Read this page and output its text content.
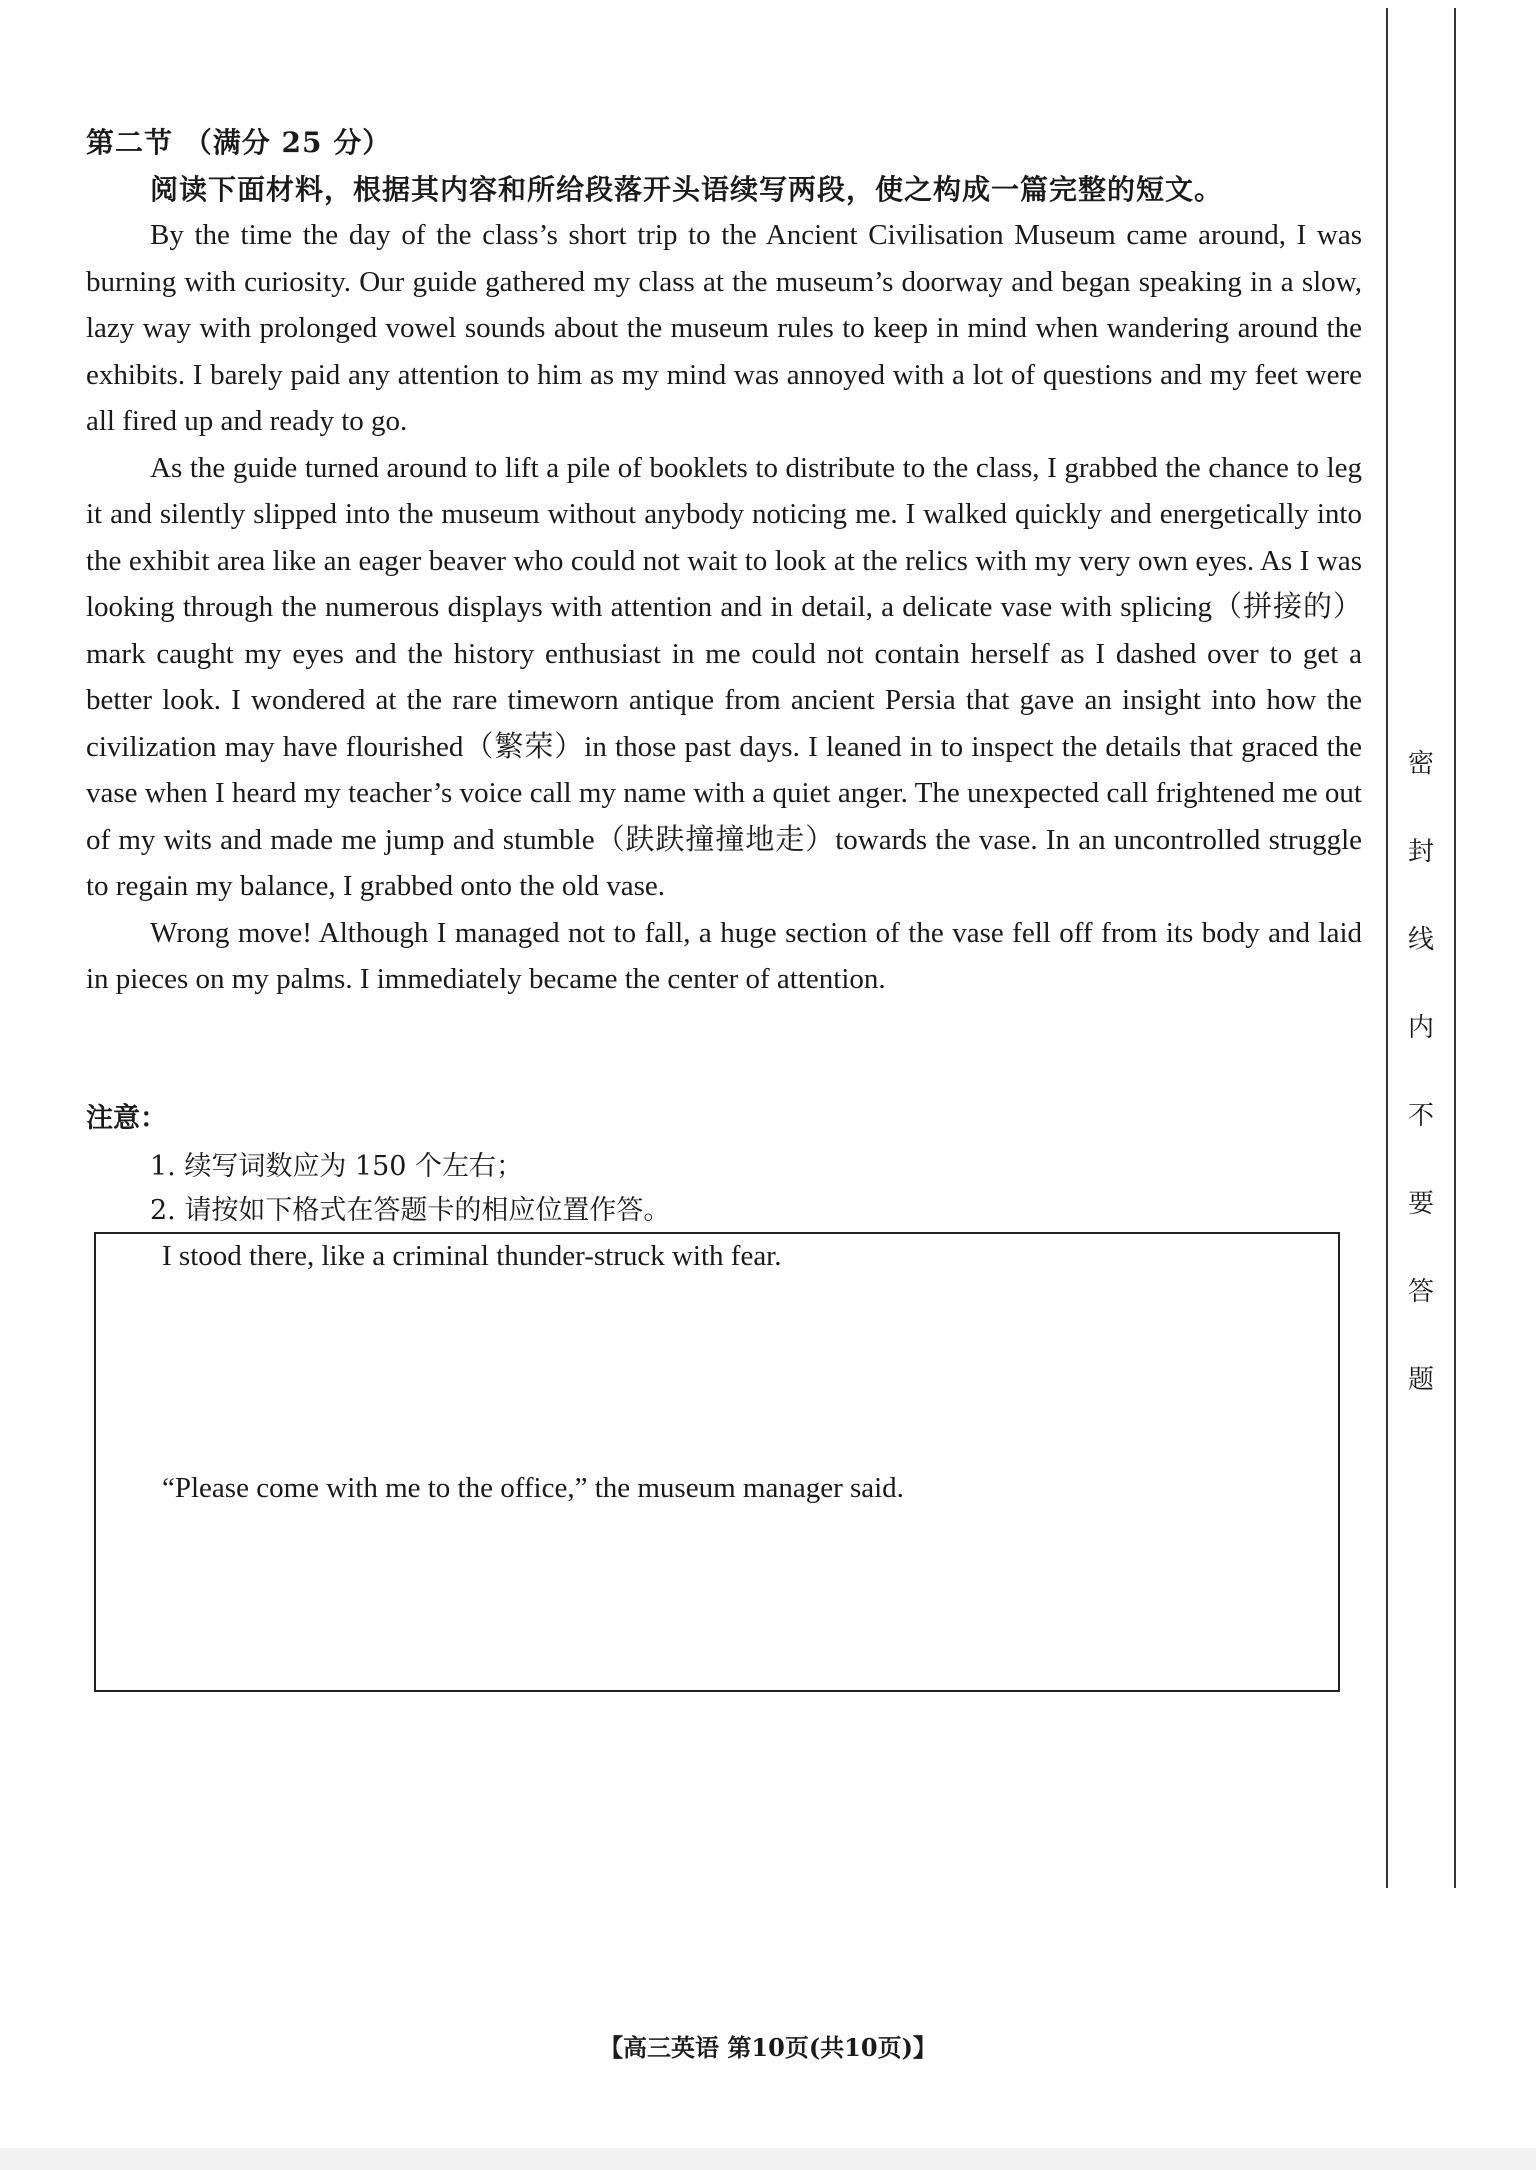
第二节 （满分 25 分）
阅读下面材料，根据其内容和所给段落开头语续写两段，使之构成一篇完整的短文。

By the time the day of the class’s short trip to the Ancient Civilisation Museum came around, I was burning with curiosity. Our guide gathered my class at the museum’s doorway and began speaking in a slow, lazy way with prolonged vowel sounds about the museum rules to keep in mind when wandering around the exhibits. I barely paid any attention to him as my mind was annoyed with a lot of questions and my feet were all fired up and ready to go.

As the guide turned around to lift a pile of booklets to distribute to the class, I grabbed the chance to leg it and silently slipped into the museum without anybody noticing me. I walked quickly and energetically into the exhibit area like an eager beaver who could not wait to look at the relics with my very own eyes. As I was looking through the numerous displays with attention and in detail, a delicate vase with splicing（拼接的）mark caught my eyes and the history enthusiast in me could not contain herself as I dashed over to get a better look. I wondered at the rare timeworn antique from ancient Persia that gave an insight into how the civilization may have flourished（繁荣）in those past days. I leaned in to inspect the details that graced the vase when I heard my teacher’s voice call my name with a quiet anger. The unexpected call frightened me out of my wits and made me jump and stumble（趺趺撞撞地走）towards the vase. In an uncontrolled struggle to regain my balance, I grabbed onto the old vase.

Wrong move! Although I managed not to fall, a huge section of the vase fell off from its body and laid in pieces on my palms. I immediately became the center of attention.

注意：
1. 续写词数应为 150 个左右；
2. 请按如下格式在答题卡的相应位置作答。
I stood there, like a criminal thunder-struck with fear.
“Please come with me to the office,” the museum manager said.
密
封
线
内
不
要
答
题
【高三英语 第10页(共10页)】
